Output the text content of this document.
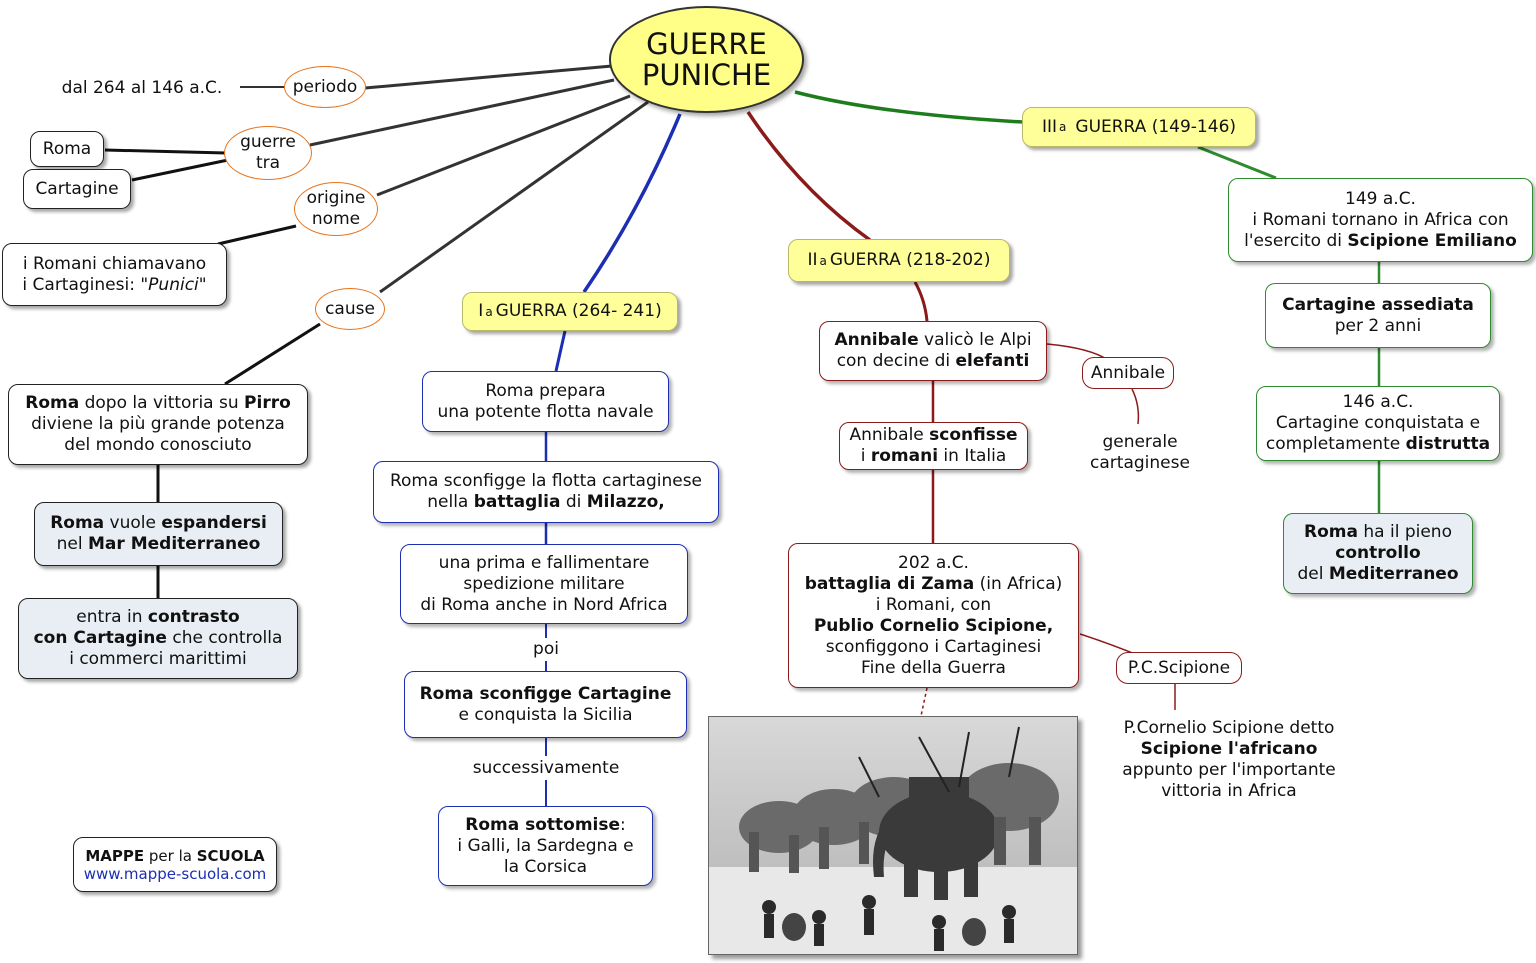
GUERRE
PUNICHE
dal 264 al 146 a.C.	periodo
guerre
tra
Roma
Cartagine	origine
nome
i Romani chiamavano
i Cartaginesi: "Punici"
cause
Roma dopo la vittoria su Pirro
diviene la più grande potenza
del mondo conosciuto
Roma vuole espandersi
nel Mar Mediterraneo
entra in contrasto
con Cartagine che controlla
i commerci marittimi
I a GUERRA (264- 241)
Roma prepara
una potente flotta navale
Roma sconfigge la flotta cartaginese
nella battaglia di Milazzo,
una prima e fallimentare
spedizione militare
di Roma anche in Nord Africa
poi
Roma sconfigge Cartagine
e conquista la Sicilia
successivamente
Roma sottomise:
i Galli, la Sardegna e
la Corsica
II a GUERRA (218-202)
Annibale valicò le Alpi
con decine di elefanti
Annibale
generale
cartaginese
Annibale sconfisse
i romani in Italia
202 a.C.
battaglia di Zama (in Africa)
i Romani, con
Publio Cornelio Scipione,
sconfiggono i Cartaginesi
Fine della Guerra	P.C.Scipione
P.Cornelio Scipione detto
Scipione l'africano
appunto per l'importante
vittoria in Africa
III a GUERRA (149-146)
149 a.C.
i Romani tornano in Africa con
l'esercito di Scipione Emiliano
Cartagine assediata
per 2 anni
146 a.C.
Cartagine conquistata e
completamente distrutta
Roma ha il pieno
controllo
del Mediterraneo
MAPPE per la SCUOLA
www.mappe-scuola.com
